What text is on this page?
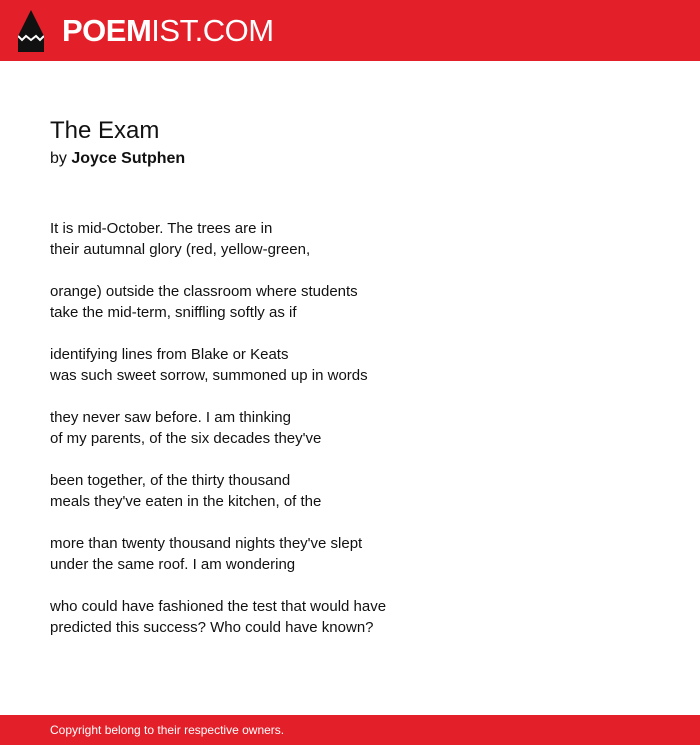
POEMIST.COM
The Exam
by Joyce Sutphen

It is mid-October. The trees are in
their autumnal glory (red, yellow-green,

orange) outside the classroom where students
take the mid-term, sniffling softly as if

identifying lines from Blake or Keats
was such sweet sorrow, summoned up in words

they never saw before. I am thinking
of my parents, of the six decades they've

been together, of the thirty thousand
meals they've eaten in the kitchen, of the

more than twenty thousand nights they've slept
under the same roof. I am wondering

who could have fashioned the test that would have
predicted this success? Who could have known?

Copyright belong to their respective owners.
